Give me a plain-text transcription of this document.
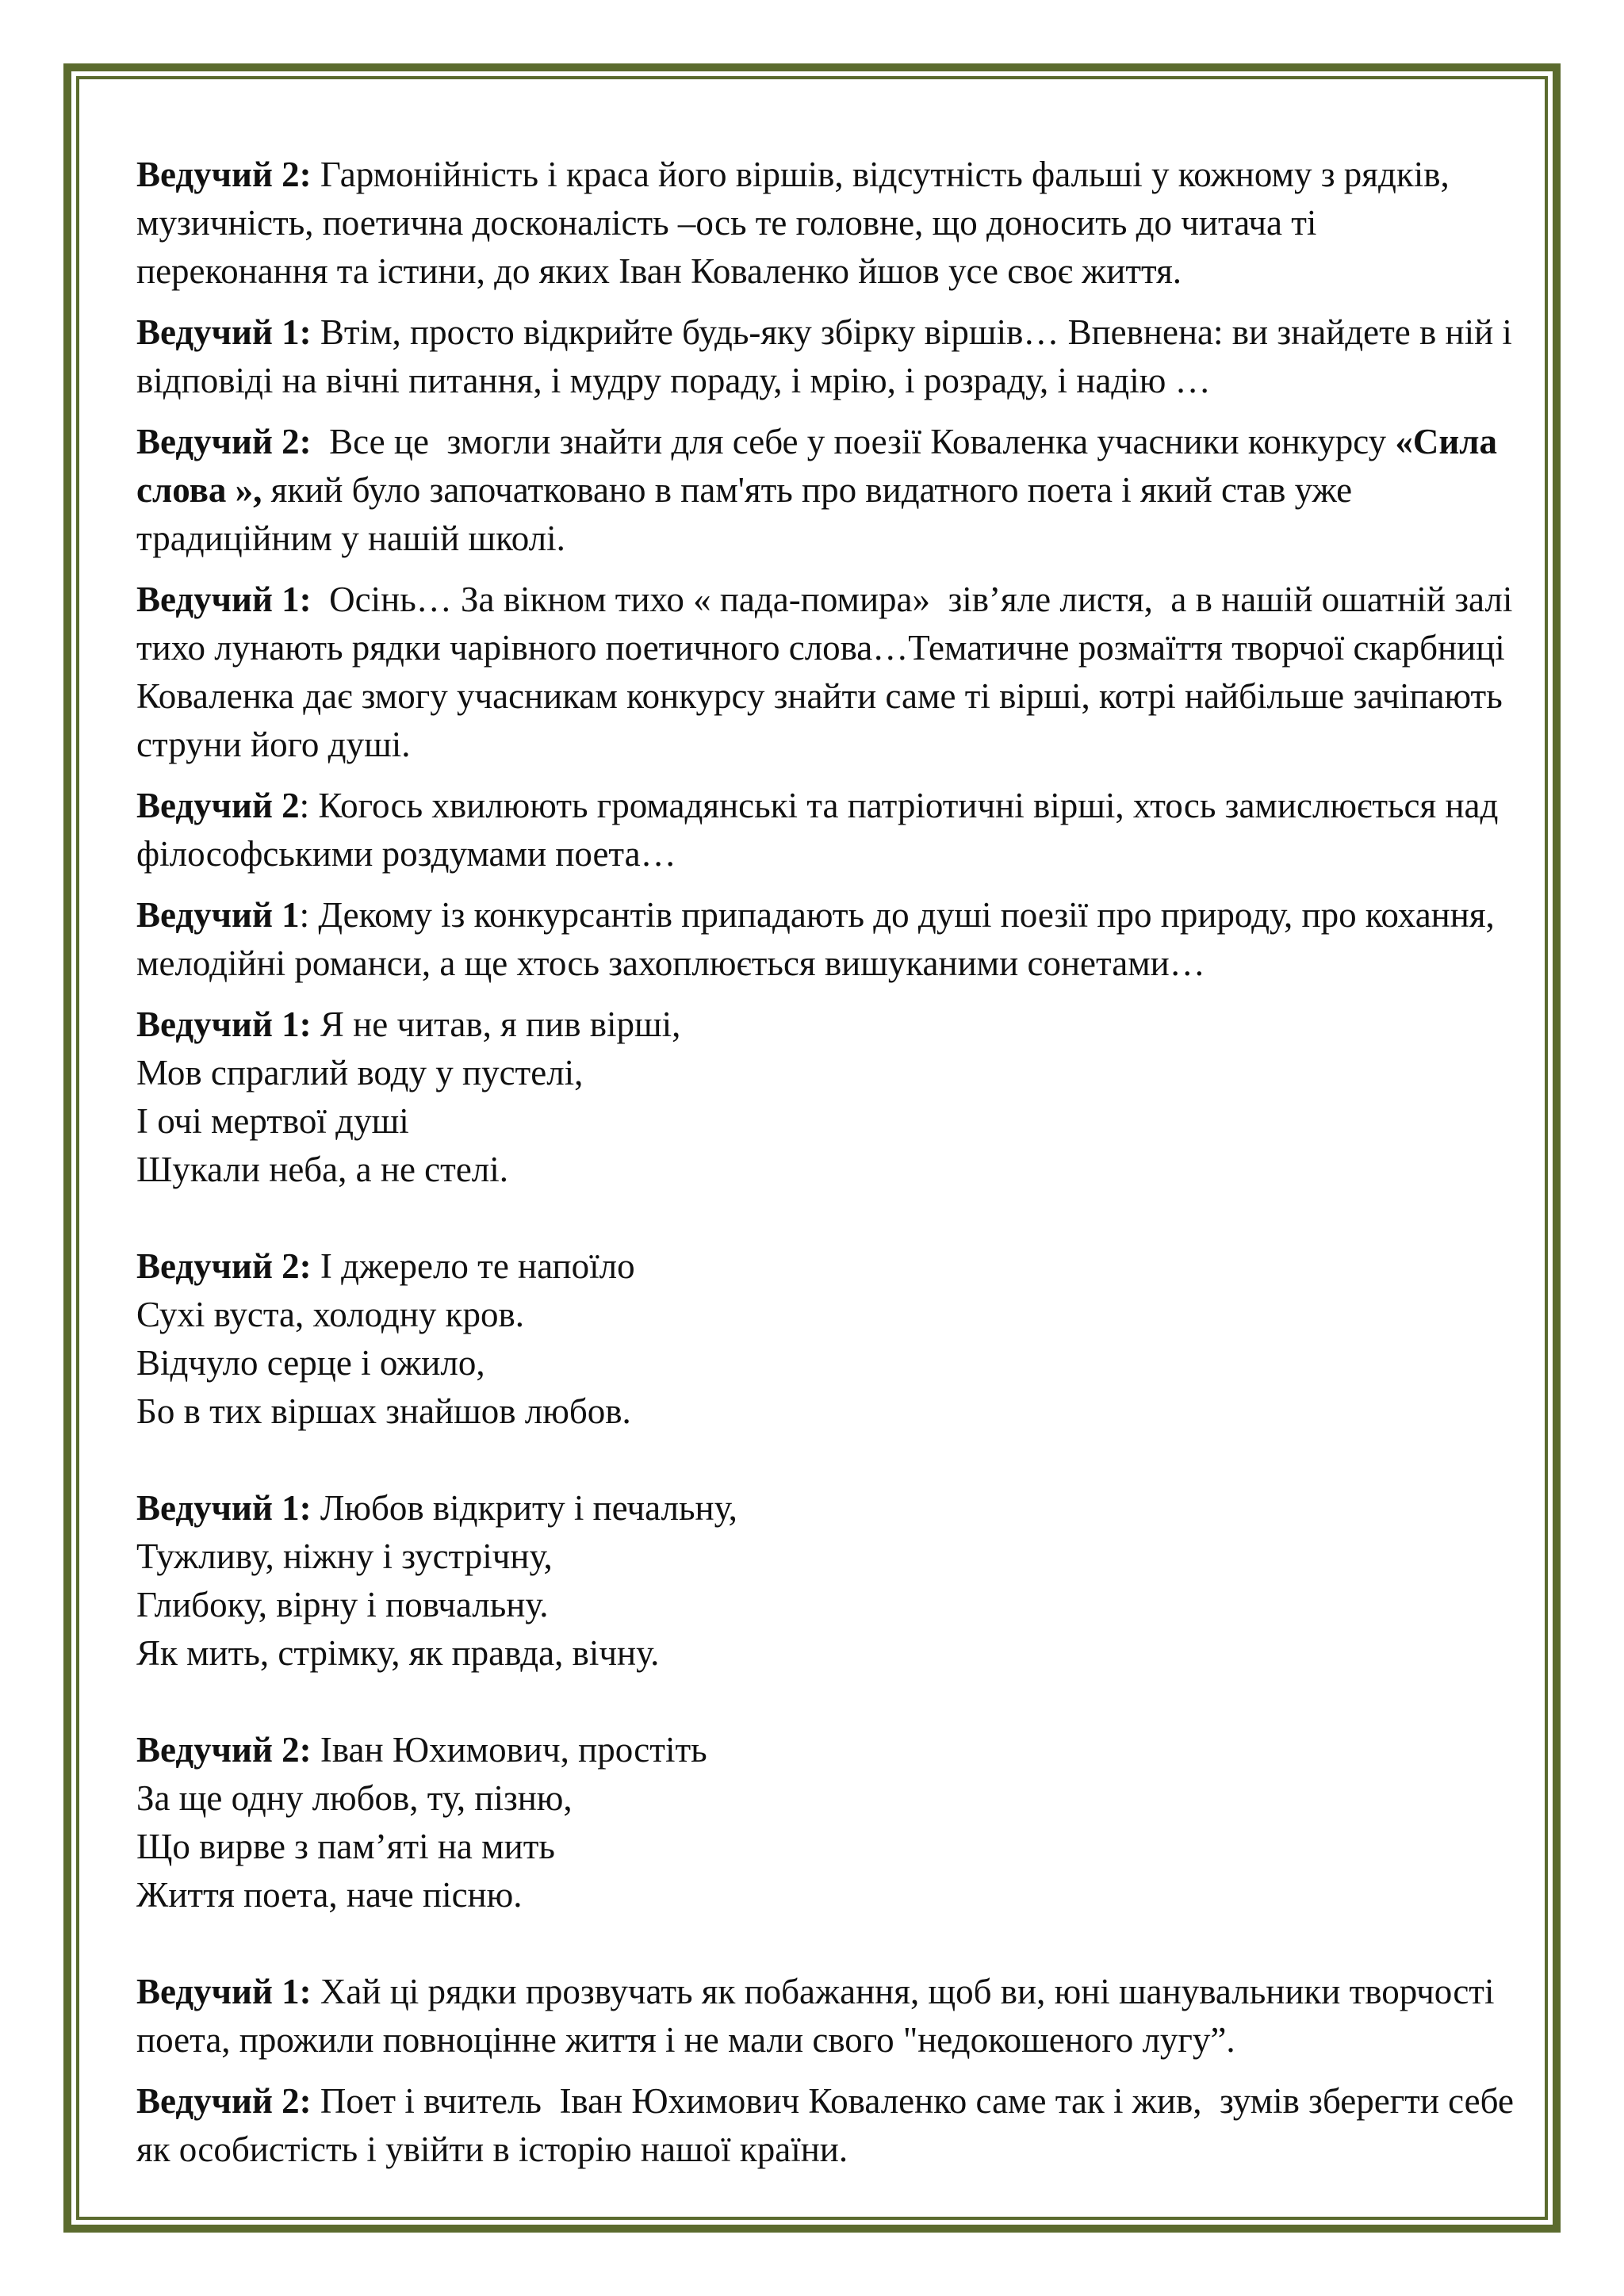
Ведучий 2: Гармонійність і краса його віршів, відсутність фальші у кожному з рядків, музичність, поетична досконалість –ось те головне, що доносить до читача ті переконання та істини, до яких Іван Коваленко йшов усе своє життя.

Ведучий 1: Втім, просто відкрийте будь-яку збірку віршів… Впевнена: ви знайдете в ній і відповіді на вічні питання, і мудру пораду, і мрію, і розраду, і надію …

Ведучий 2:  Все це  змогли знайти для себе у поезії Коваленка учасники конкурсу «Сила слова », який було започатковано в пам'ять про видатного поета і який став уже традиційним у нашій школі.

Ведучий 1:  Осінь… За вікном тихо « пада-помира»  зів’яле листя,  а в нашій ошатній залі тихо лунають рядки чарівного поетичного слова…Тематичне розмаїття творчої скарбниці Коваленка дає змогу учасникам конкурсу знайти саме ті вірші, котрі найбільше зачіпають струни його душі.

Ведучий 2: Когось хвилюють громадянські та патріотичні вірші, хтось замислюється над філософськими роздумами поета…

Ведучий 1: Декому із конкурсантів припадають до душі поезії про природу, про кохання, мелодійні романси, а ще хтось захоплюється вишуканими сонетами…

Ведучий 1: Я не читав, я пив вірші,
Мов спраглий воду у пустелі,
І очі мертвої душі
Шукали неба, а не стелі.
Ведучий 2: І джерело те напоїло
Сухі вуста, холодну кров.
Відчуло серце і ожило,
Бо в тих віршах знайшов любов.
Ведучий 1: Любов відкриту і печальну,
Тужливу, ніжну і зустрічну,
Глибоку, вірну і повчальну.
Як мить, стрімку, як правда, вічну.
Ведучий 2: Іван Юхимович, простіть
За ще одну любов, ту, пізню,
Що вирве з пам’яті на мить
Життя поета, наче пісню.

Ведучий 1: Хай ці рядки прозвучать як побажання, щоб ви, юні шанувальники творчості поета, прожили повноцінне життя і не мали свого "недокошеного лугу”.

Ведучий 2: Поет і вчитель  Іван Юхимович Коваленко саме так і жив,  зумів зберегти себе як особистість і увійти в історію нашої країни.
